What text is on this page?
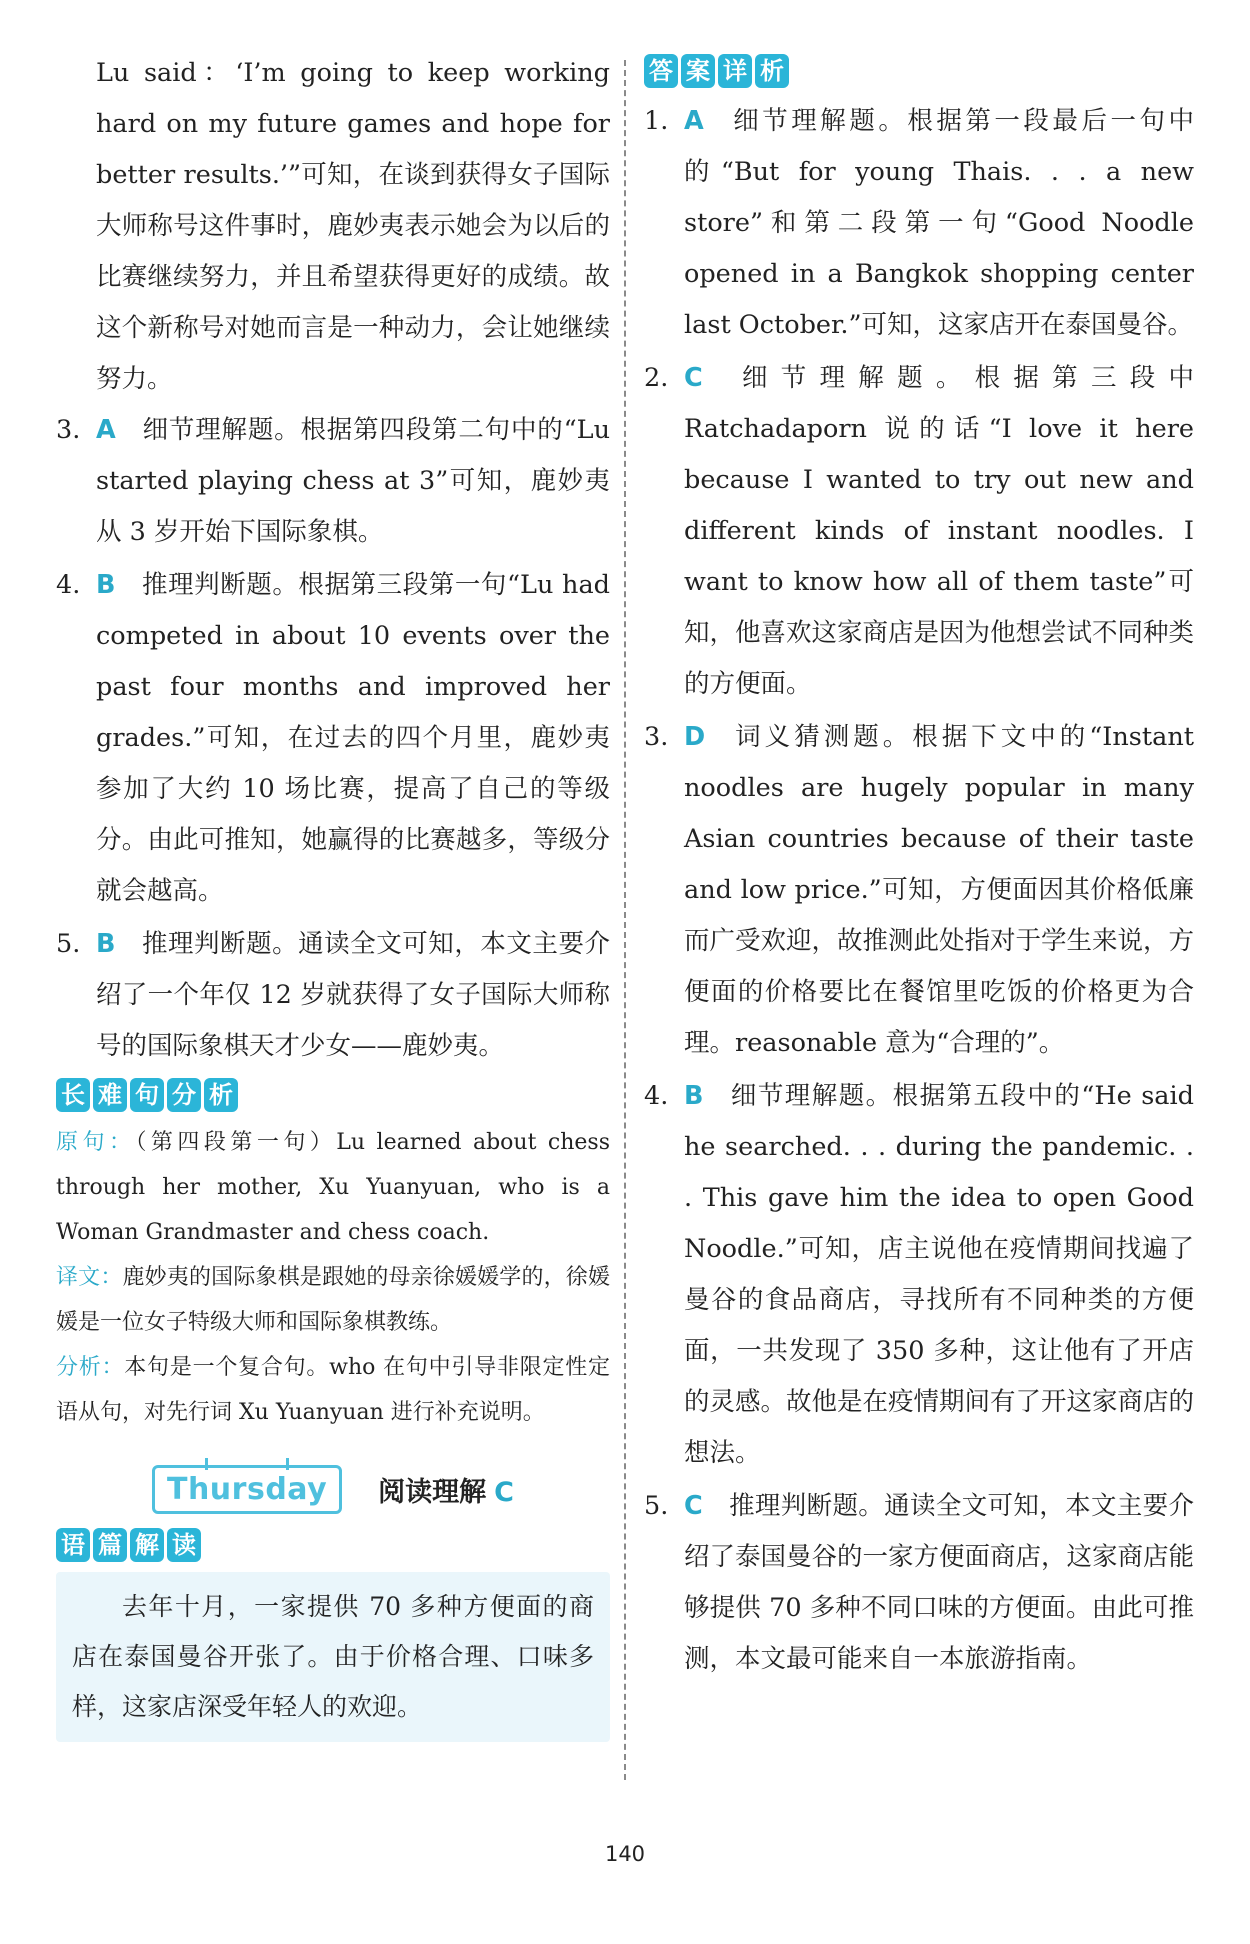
Lu said：‘I’m going to keep working hard on my future games and hope for better results.’”可知，在谈到获得女子国际大师称号这件事时，鹿妙夷表示她会为以后的比赛继续努力，并且希望获得更好的成绩。故这个新称号对她而言是一种动力，会让她继续努力。

3. A 细节理解题。根据第四段第二句中的“Lu started playing chess at 3”可知，鹿妙夷从 3 岁开始下国际象棋。
4. B 推理判断题。根据第三段第一句“Lu had competed in about 10 events over the past four months and improved her grades.”可知，在过去的四个月里，鹿妙夷参加了大约 10 场比赛，提高了自己的等级分。由此可推知，她赢得的比赛越多，等级分就会越高。
5. B 推理判断题。通读全文可知，本文主要介绍了一个年仅 12 岁就获得了女子国际大师称号的国际象棋天才少女——鹿妙夷。
长 难 句 分 析

原句：（第四段第一句）Lu learned about chess through her mother, Xu Yuanyuan, who is a Woman Grandmaster and chess coach.

译文：鹿妙夷的国际象棋是跟她的母亲徐媛媛学的，徐媛媛是一位女子特级大师和国际象棋教练。

分析：本句是一个复合句。who 在句中引导非限定性定语从句，对先行词 Xu Yuanyuan 进行补充说明。

Thursday	阅读理解 C
语 篇 解 读

去年十月，一家提供 70 多种方便面的商店在泰国曼谷开张了。由于价格合理、口味多样，这家店深受年轻人的欢迎。

答 案 详 析
1. A 细节理解题。根据第一段最后一句中的“But for young Thais. . . a new store”和第二段第一句“Good Noodle opened in a Bangkok shopping center last October.”可知，这家店开在泰国曼谷。
2. C 细节理解题。根据第三段中 Ratchadaporn 说的话“I love it here because I wanted to try out new and different kinds of instant noodles. I want to know how all of them taste”可知，他喜欢这家商店是因为他想尝试不同种类的方便面。
3. D 词义猜测题。根据下文中的“Instant noodles are hugely popular in many Asian countries because of their taste and low price.”可知，方便面因其价格低廉而广受欢迎，故推测此处指对于学生来说，方便面的价格要比在餐馆里吃饭的价格更为合理。reasonable 意为“合理的”。
4. B 细节理解题。根据第五段中的“He said he searched. . . during the pandemic. . . This gave him the idea to open Good Noodle.”可知，店主说他在疫情期间找遍了曼谷的食品商店，寻找所有不同种类的方便面，一共发现了 350 多种，这让他有了开店的灵感。故他是在疫情期间有了开这家商店的想法。
5. C 推理判断题。通读全文可知，本文主要介绍了泰国曼谷的一家方便面商店，这家商店能够提供 70 多种不同口味的方便面。由此可推测，本文最可能来自一本旅游指南。
140
